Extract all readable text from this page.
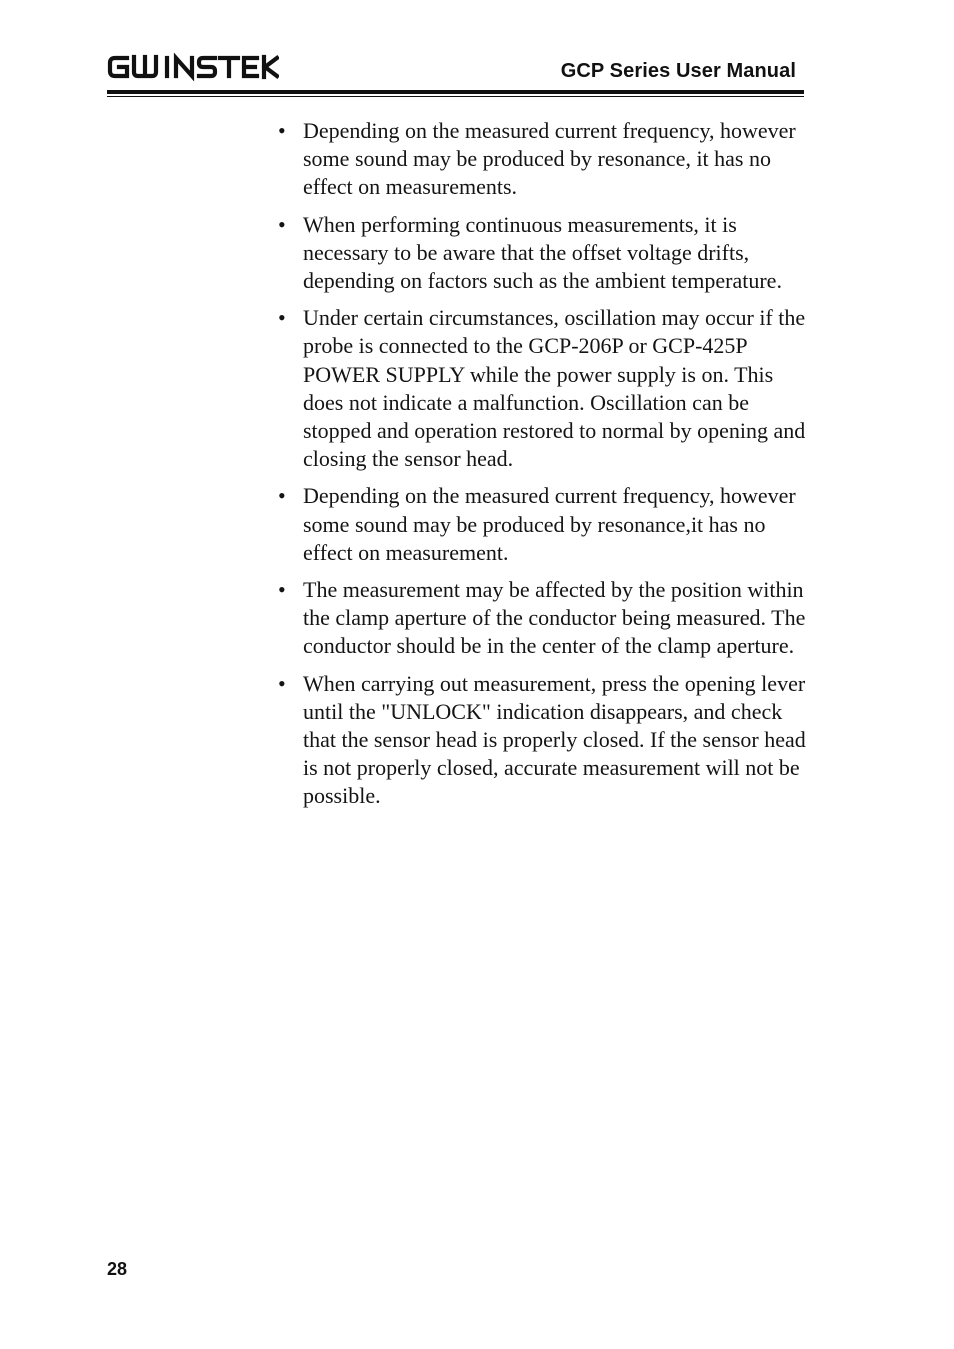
GCP Series User Manual
• Depending on the measured current frequency, however some sound may be produced by resonance, it has no effect on measurements.
• When performing continuous measurements, it is necessary to be aware that the offset voltage drifts, depending on factors such as the ambient temperature.
• Under certain circumstances, oscillation may occur if the probe is connected to the GCP-206P or GCP-425P POWER SUPPLY while the power supply is on. This does not indicate a malfunction. Oscillation can be stopped and operation restored to normal by opening and closing the sensor head.
• Depending on the measured current frequency, however some sound may be produced by resonance,it has no effect on measurement.
• The measurement may be affected by the position within the clamp aperture of the conductor being measured. The conductor should be in the center of the clamp aperture.
• When carrying out measurement, press the opening lever until the "UNLOCK" indication disappears, and check that the sensor head is properly closed. If the sensor head is not properly closed, accurate measurement will not be possible.
28
